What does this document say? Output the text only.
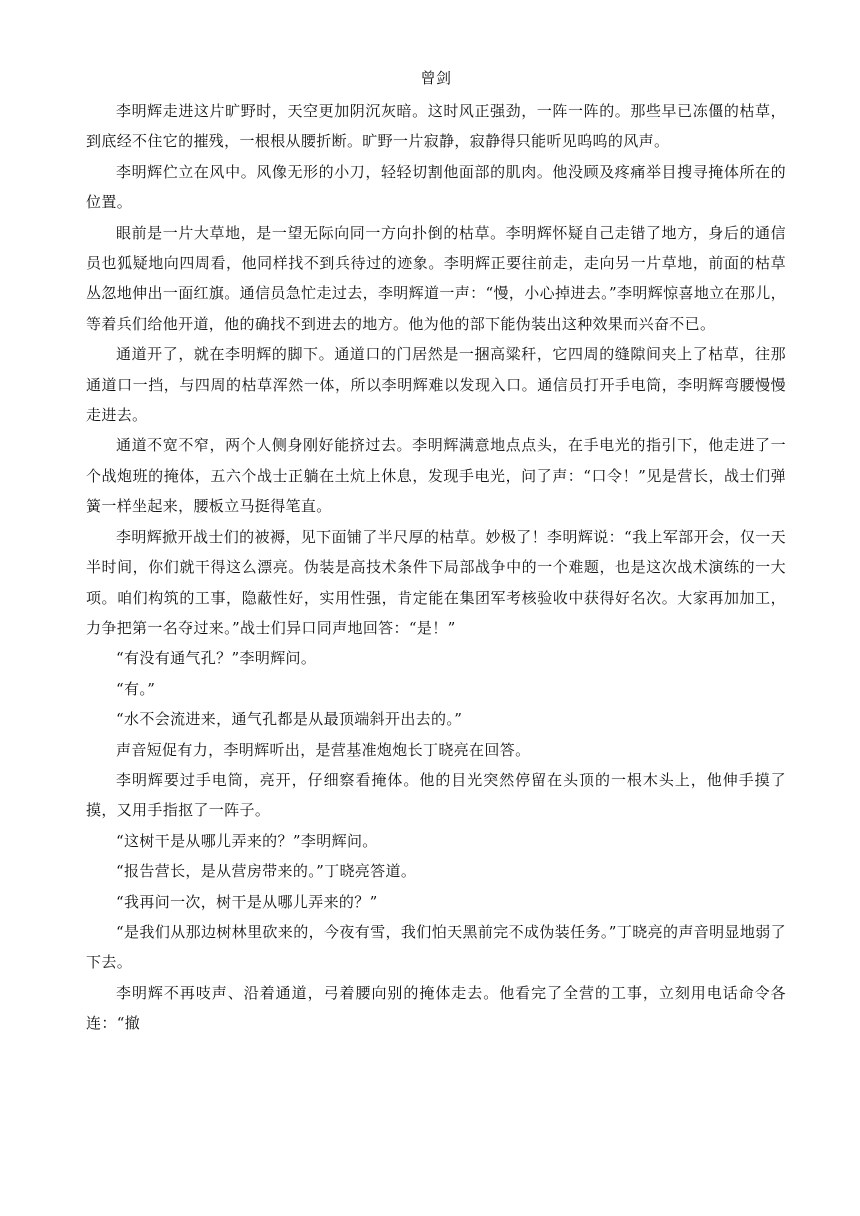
曾剑

李明辉走进这片旷野时，天空更加阴沉灰暗。这时风正强劲，一阵一阵的。那些早已冻僵的枯草，到底经不住它的摧残，一根根从腰折断。旷野一片寂静，寂静得只能听见呜呜的风声。

李明辉伫立在风中。风像无形的小刀，轻轻切割他面部的肌肉。他没顾及疼痛举目搜寻掩体所在的位置。

眼前是一片大草地，是一望无际向同一方向扑倒的枯草。李明辉怀疑自己走错了地方，身后的通信员也狐疑地向四周看，他同样找不到兵待过的迹象。李明辉正要往前走，走向另一片草地，前面的枯草丛忽地伸出一面红旗。通信员急忙走过去，李明辉道一声：“慢，小心掉进去。”李明辉惊喜地立在那儿，等着兵们给他开道，他的确找不到进去的地方。他为他的部下能伪装出这种效果而兴奋不已。

通道开了，就在李明辉的脚下。通道口的门居然是一捆高粱秆，它四周的缝隙间夹上了枯草，往那通道口一挡，与四周的枯草浑然一体，所以李明辉难以发现入口。通信员打开手电筒，李明辉弯腰慢慢走进去。

通道不宽不窄，两个人侧身刚好能挤过去。李明辉满意地点点头，在手电光的指引下，他走进了一个战炮班的掩体，五六个战士正躺在土炕上休息，发现手电光，问了声：“口令！”见是营长，战士们弹簧一样坐起来，腰板立马挺得笔直。

李明辉掀开战士们的被褥，见下面铺了半尺厚的枯草。妙极了！李明辉说：“我上军部开会，仅一天半时间，你们就干得这么漂亮。伪装是高技术条件下局部战争中的一个难题，也是这次战术演练的一大项。咱们构筑的工事，隐蔽性好，实用性强，肯定能在集团军考核验收中获得好名次。大家再加加工，力争把第一名夺过来。”战士们异口同声地回答：“是！”

“有没有通气孔？”李明辉问。

“有。”

“水不会流进来，通气孔都是从最顶端斜开出去的。”

声音短促有力，李明辉听出，是营基准炮炮长丁晓亮在回答。

李明辉要过手电筒，亮开，仔细察看掩体。他的目光突然停留在头顶的一根木头上，他伸手摸了摸，又用手指抠了一阵子。

“这树干是从哪儿弄来的？”李明辉问。

“报告营长，是从营房带来的。”丁晓亮答道。

“我再问一次，树干是从哪儿弄来的？”

“是我们从那边树林里砍来的，今夜有雪，我们怕天黑前完不成伪装任务。”丁晓亮的声音明显地弱了下去。

李明辉不再吱声、沿着通道，弓着腰向别的掩体走去。他看完了全营的工事，立刻用电话命令各连：“撤
